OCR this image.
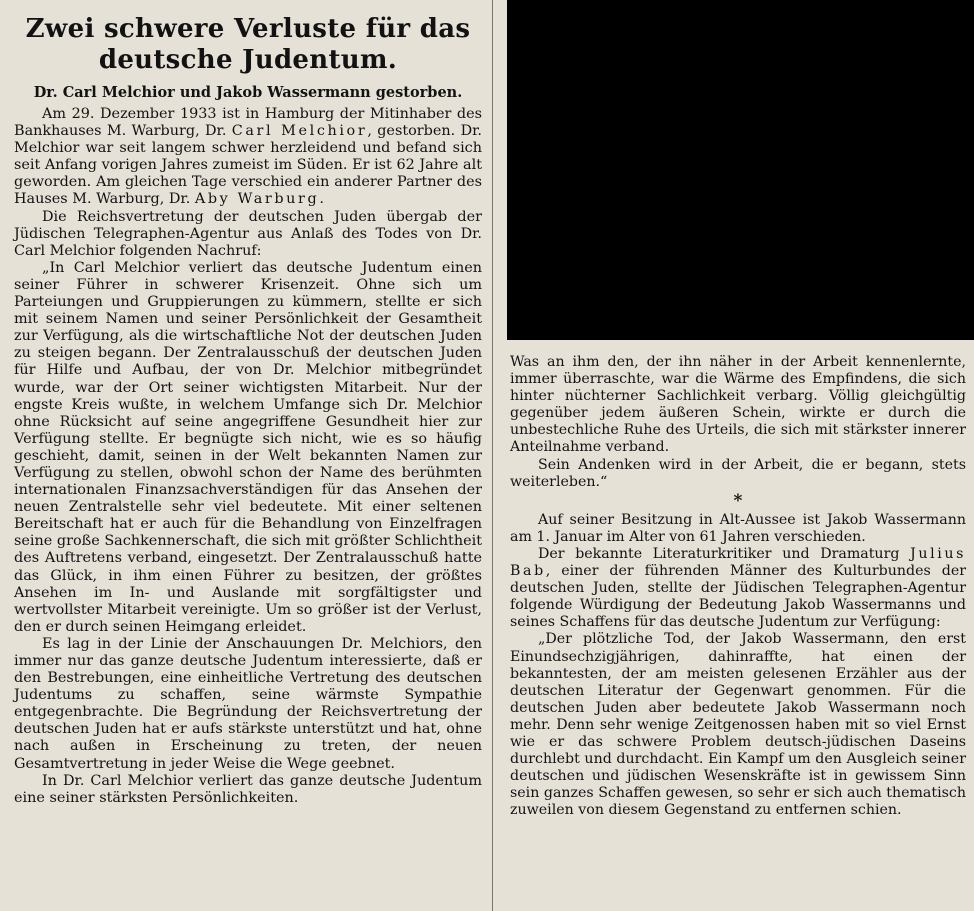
Zwei schwere Verluste für das
deutsche Judentum.
Dr. Carl Melchior und Jakob Wassermann gestorben.

Am 29. Dezember 1933 ist in Hamburg der Mitinhaber des Bankhauses M. Warburg, Dr. Carl Melchior, gestorben. Dr. Melchior war seit langem schwer herzleidend und befand sich seit Anfang vorigen Jahres zumeist im Süden. Er ist 62 Jahre alt geworden. Am gleichen Tage verschied ein anderer Partner des Hauses M. Warburg, Dr. Aby Warburg.

Die Reichsvertretung der deutschen Juden übergab der Jüdischen Telegraphen-Agentur aus Anlaß des Todes von Dr. Carl Melchior folgenden Nachruf:

„In Carl Melchior verliert das deutsche Judentum einen seiner Führer in schwerer Krisenzeit. Ohne sich um Parteiungen und Gruppierungen zu kümmern, stellte er sich mit seinem Namen und seiner Persönlichkeit der Gesamtheit zur Verfügung, als die wirtschaftliche Not der deutschen Juden zu steigen begann. Der Zentralausschuß der deutschen Juden für Hilfe und Aufbau, der von Dr. Melchior mitbegründet wurde, war der Ort seiner wichtigsten Mitarbeit. Nur der engste Kreis wußte, in welchem Umfange sich Dr. Melchior ohne Rücksicht auf seine angegriffene Gesundheit hier zur Verfügung stellte. Er begnügte sich nicht, wie es so häufig geschieht, damit, seinen in der Welt bekannten Namen zur Verfügung zu stellen, obwohl schon der Name des berühmten internationalen Finanzsachverständigen für das Ansehen der neuen Zentralstelle sehr viel bedeutete. Mit einer seltenen Bereitschaft hat er auch für die Behandlung von Einzelfragen seine große Sachkennerschaft, die sich mit größter Schlichtheit des Auftretens verband, eingesetzt. Der Zentralausschuß hatte das Glück, in ihm einen Führer zu besitzen, der größtes Ansehen im In- und Auslande mit sorgfältigster und wertvollster Mitarbeit vereinigte. Um so größer ist der Verlust, den er durch seinen Heimgang erleidet.

Es lag in der Linie der Anschauungen Dr. Melchiors, den immer nur das ganze deutsche Judentum interessierte, daß er den Bestrebungen, eine einheitliche Vertretung des deutschen Judentums zu schaffen, seine wärmste Sympathie entgegenbrachte. Die Begründung der Reichsvertretung der deutschen Juden hat er aufs stärkste unterstützt und hat, ohne nach außen in Erscheinung zu treten, der neuen Gesamtvertretung in jeder Weise die Wege geebnet.

In Dr. Carl Melchior verliert das ganze deutsche Judentum eine seiner stärksten Persönlichkeiten.

Was an ihm den, der ihn näher in der Arbeit kennenlernte, immer überraschte, war die Wärme des Empfindens, die sich hinter nüchterner Sachlichkeit verbarg. Völlig gleichgültig gegenüber jedem äußeren Schein, wirkte er durch die unbestechliche Ruhe des Urteils, die sich mit stärkster innerer Anteilnahme verband.

Sein Andenken wird in der Arbeit, die er begann, stets weiterleben.“

*

Auf seiner Besitzung in Alt-Aussee ist Jakob Wassermann am 1. Januar im Alter von 61 Jahren verschieden.

Der bekannte Literaturkritiker und Dramaturg Julius Bab, einer der führenden Männer des Kulturbundes der deutschen Juden, stellte der Jüdischen Telegraphen-Agentur folgende Würdigung der Bedeutung Jakob Wassermanns und seines Schaffens für das deutsche Judentum zur Verfügung:

„Der plötzliche Tod, der Jakob Wassermann, den erst Einundsechzigjährigen, dahinraffte, hat einen der bekanntesten, der am meisten gelesenen Erzähler aus der deutschen Literatur der Gegenwart genommen. Für die deutschen Juden aber bedeutete Jakob Wassermann noch mehr. Denn sehr wenige Zeitgenossen haben mit so viel Ernst wie er das schwere Problem deutsch-jüdischen Daseins durchlebt und durchdacht. Ein Kampf um den Ausgleich seiner deutschen und jüdischen Wesenskräfte ist in gewissem Sinn sein ganzes Schaffen gewesen, so sehr er sich auch thematisch zuweilen von diesem Gegenstand zu entfernen schien.
